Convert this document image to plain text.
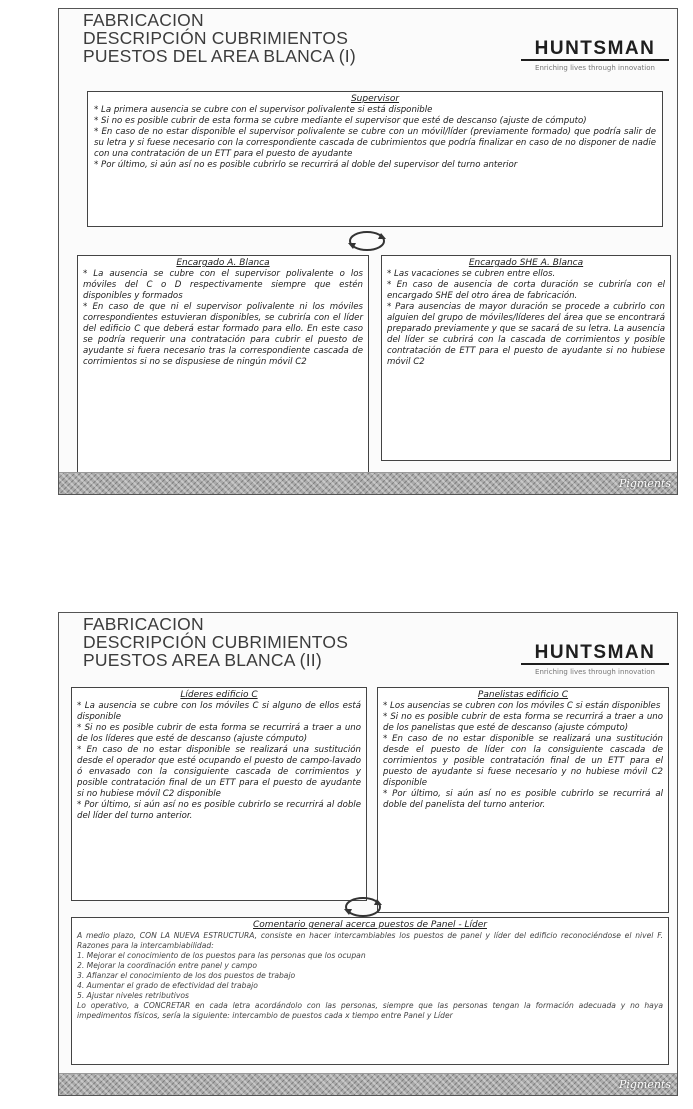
FABRICACION
DESCRIPCIÓN CUBRIMIENTOS
PUESTOS DEL AREA BLANCA (I)	HUNTSMAN
Enriching lives through innovation
Supervisor

* La primera ausencia se cubre con el supervisor polivalente si está disponible

* Si no es posible cubrir de esta forma se cubre mediante el supervisor que esté de descanso (ajuste de cómputo)

* En caso de no estar disponible el supervisor polivalente se cubre con un móvil/líder (previamente formado) que podría salir de su letra y si fuese necesario con la correspondiente cascada de cubrimientos que podría finalizar en caso de no disponer de nadie con una contratación de un ETT para el puesto de ayudante

* Por último, si aún así no es posible cubrirlo se recurrirá al doble del supervisor del turno anterior

Encargado A. Blanca

* La ausencia se cubre con el supervisor polivalente o los móviles del C o D respectivamente siempre que estén disponibles y formados

* En caso de que ni el supervisor polivalente ni los móviles correspondientes estuvieran disponibles, se cubriría con el líder del edificio C que deberá estar formado para ello. En este caso se podría requerir una contratación para cubrir el puesto de ayudante si fuera necesario tras la correspondiente cascada de corrimientos si no se dispusiese de ningún móvil C2

Encargado SHE A. Blanca

* Las vacaciones se cubren entre ellos.

* En caso de ausencia de corta duración se cubriría con el encargado SHE del otro área de fabricación.

* Para ausencias de mayor duración se procede a cubrirlo con alguien del grupo de móviles/líderes del área que se encontrará preparado previamente y que se sacará de su letra. La ausencia del líder se cubrirá con la cascada de corrimientos y posible contratación de ETT para el puesto de ayudante si no hubiese móvil C2

Pigments
FABRICACION
DESCRIPCIÓN CUBRIMIENTOS
PUESTOS AREA BLANCA (II)	HUNTSMAN
Enriching lives through innovation
Líderes edificio C

* La ausencia se cubre con los móviles C si alguno de ellos está disponible

* Si no es posible cubrir de esta forma se recurrirá a traer a uno de los líderes que esté de descanso (ajuste cómputo)

* En caso de no estar disponible se realizará una sustitución desde el operador que esté ocupando el puesto de campo-lavado ó envasado con la consiguiente cascada de corrimientos y posible contratación final de un ETT para el puesto de ayudante si no hubiese móvil C2 disponible

* Por último, si aún así no es posible cubrirlo se recurrirá al doble del líder del turno anterior.

Panelistas edificio C

* Los ausencias se cubren con los móviles C si están disponibles

* Si no es posible cubrir de esta forma se recurrirá a traer a uno de los panelistas que esté de descanso (ajuste cómputo)

* En caso de no estar disponible se realizará una sustitución desde el puesto de líder con la consiguiente cascada de corrimientos y posible contratación final de un ETT para el puesto de ayudante si fuese necesario y no hubiese móvil C2 disponible

* Por último, si aún así no es posible cubrirlo se recurrirá al doble del panelista del turno anterior.

Comentario general acerca puestos de Panel - Líder

A medio plazo, CON LA NUEVA ESTRUCTURA, consiste en hacer intercambiables los puestos de panel y líder del edificio reconociéndose el nivel F. Razones para la intercambiabilidad:

1. Mejorar el conocimiento de los puestos para las personas que los ocupan

2. Mejorar la coordinación entre panel y campo

3. Afianzar el conocimiento de los dos puestos de trabajo

4. Aumentar el grado de efectividad del trabajo

5. Ajustar niveles retributivos

Lo operativo, a CONCRETAR en cada letra acordándolo con las personas, siempre que las personas tengan la formación adecuada y no haya impedimentos físicos, sería la siguiente: intercambio de puestos cada x tiempo entre Panel y Líder

Pigments
